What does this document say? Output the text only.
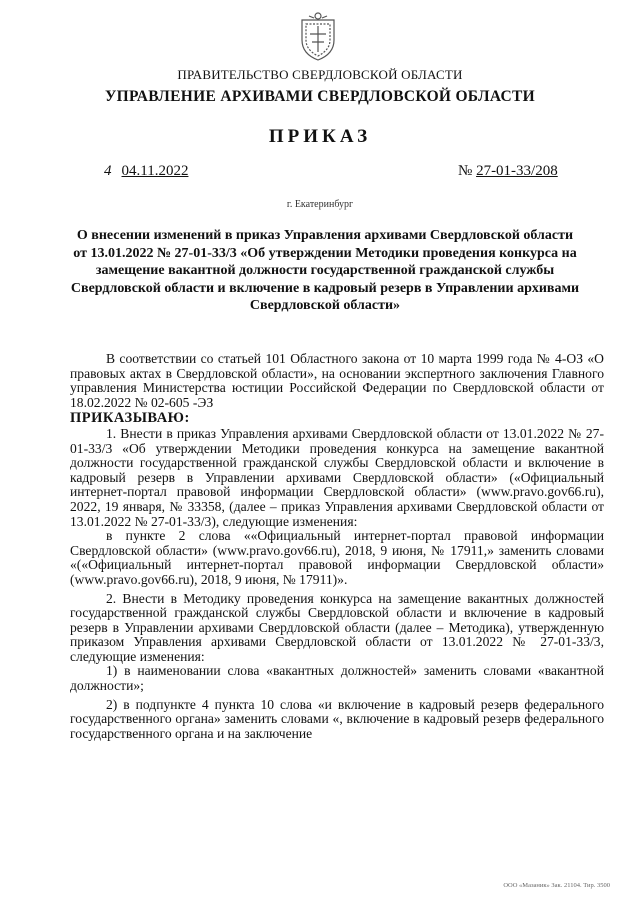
ПРАВИТЕЛЬСТВО СВЕРДЛОВСКОЙ ОБЛАСТИ
УПРАВЛЕНИЕ АРХИВАМИ СВЕРДЛОВСКОЙ ОБЛАСТИ
ПРИКАЗ
4 04.11.2022	№ 27-01-33/208
г. Екатеринбург
О внесении изменений в приказ Управления архивами Свердловской области от 13.01.2022 № 27-01-33/3 «Об утверждении Методики проведения конкурса на замещение вакантной должности государственной гражданской службы Свердловской области и включение в кадровый резерв в Управлении архивами Свердловской области»

В соответствии со статьей 101 Областного закона от 10 марта 1999 года № 4-ОЗ «О правовых актах в Свердловской области», на основании экспертного заключения Главного управления Министерства юстиции Российской Федерации по Свердловской области от 18.02.2022 № 02-605 -ЭЗ

ПРИКАЗЫВАЮ:

1. Внести в приказ Управления архивами Свердловской области от 13.01.2022 № 27-01-33/3 «Об утверждении Методики проведения конкурса на замещение вакантной должности государственной гражданской службы Свердловской области и включение в кадровый резерв в Управлении архивами Свердловской области» («Официальный интернет-портал правовой информации Свердловской области» (www.pravo.gov66.ru), 2022, 19 января, № 33358, (далее – приказ Управления архивами Свердловской области от 13.01.2022 № 27-01-33/3), следующие изменения:

в пункте 2 слова ««Официальный интернет-портал правовой информации Свердловской области» (www.pravo.gov66.ru), 2018, 9 июня, № 17911,» заменить словами «(«Официальный интернет-портал правовой информации Свердловской области» (www.pravo.gov66.ru), 2018, 9 июня, № 17911)».

2. Внести в Методику проведения конкурса на замещение вакантных должностей государственной гражданской службы Свердловской области и включение в кадровый резерв в Управлении архивами Свердловской области (далее – Методика), утвержденную приказом Управления архивами Свердловской области от 13.01.2022 № 27-01-33/3, следующие изменения:

1) в наименовании слова «вакантных должностей» заменить словами «вакантной должности»;

2) в подпункте 4 пункта 10 слова «и включение в кадровый резерв федерального государственного органа» заменить словами «, включение в кадровый резерв федерального государственного органа и на заключение

ООО «Мазаник» Зак. 21104. Тир. 3500
